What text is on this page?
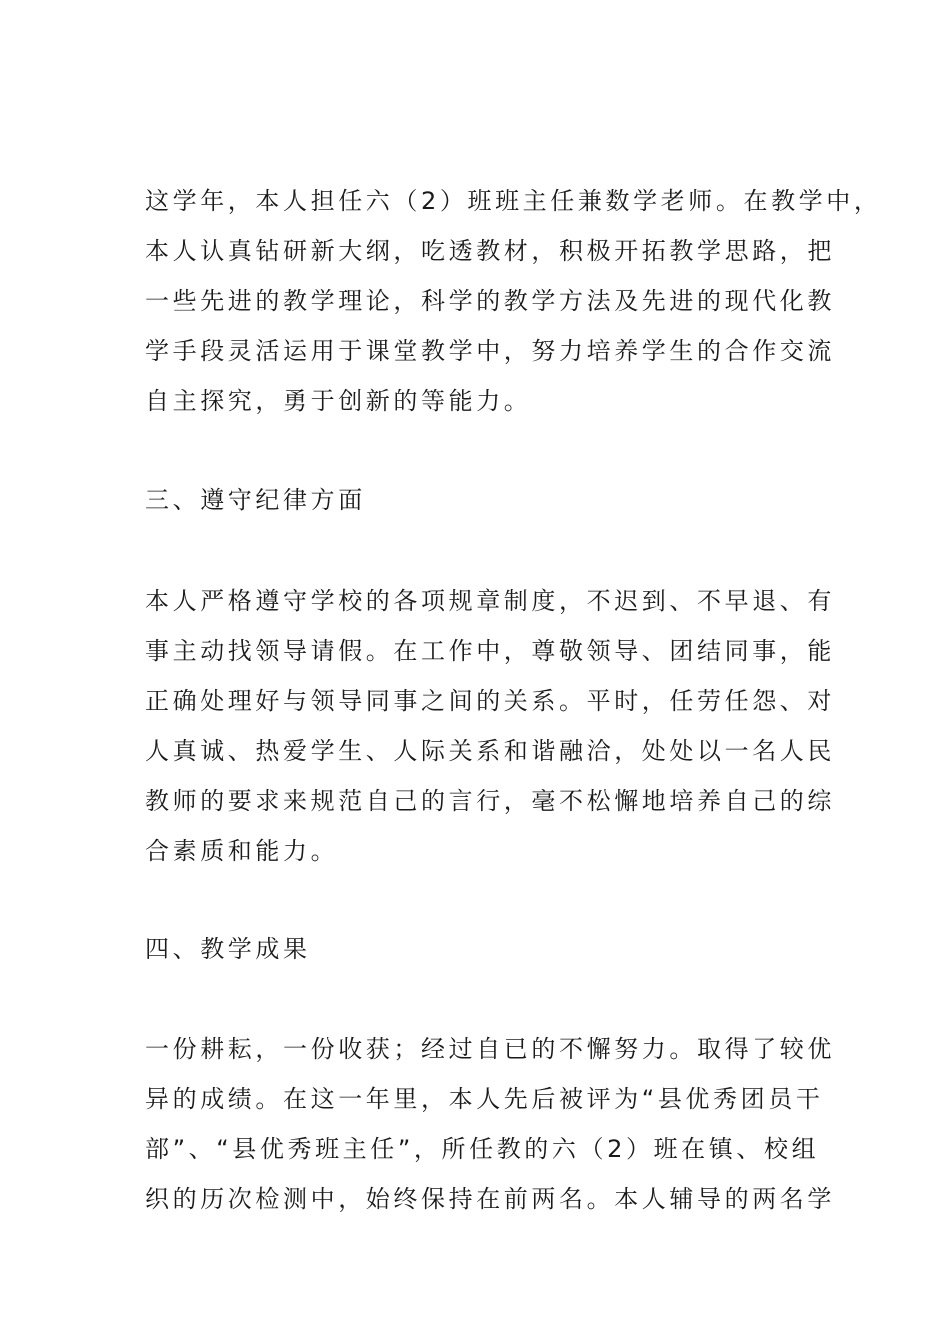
这学年，本人担任六（2）班班主任兼数学老师。在教学中，
本人认真钻研新大纲，吃透教材，积极开拓教学思路，把
一些先进的教学理论，科学的教学方法及先进的现代化教
学手段灵活运用于课堂教学中，努力培养学生的合作交流
自主探究，勇于创新的等能力。
三、遵守纪律方面
本人严格遵守学校的各项规章制度，不迟到、不早退、有
事主动找领导请假。在工作中，尊敬领导、团结同事，能
正确处理好与领导同事之间的关系。平时，任劳任怨、对
人真诚、热爱学生、人际关系和谐融洽，处处以一名人民
教师的要求来规范自己的言行，毫不松懈地培养自己的综
合素质和能力。
四、教学成果
一份耕耘，一份收获；经过自已的不懈努力。取得了较优
异的成绩。在这一年里，本人先后被评为“县优秀团员干
部”、“县优秀班主任”，所任教的六（2）班在镇、校组
织的历次检测中，始终保持在前两名。本人辅导的两名学
